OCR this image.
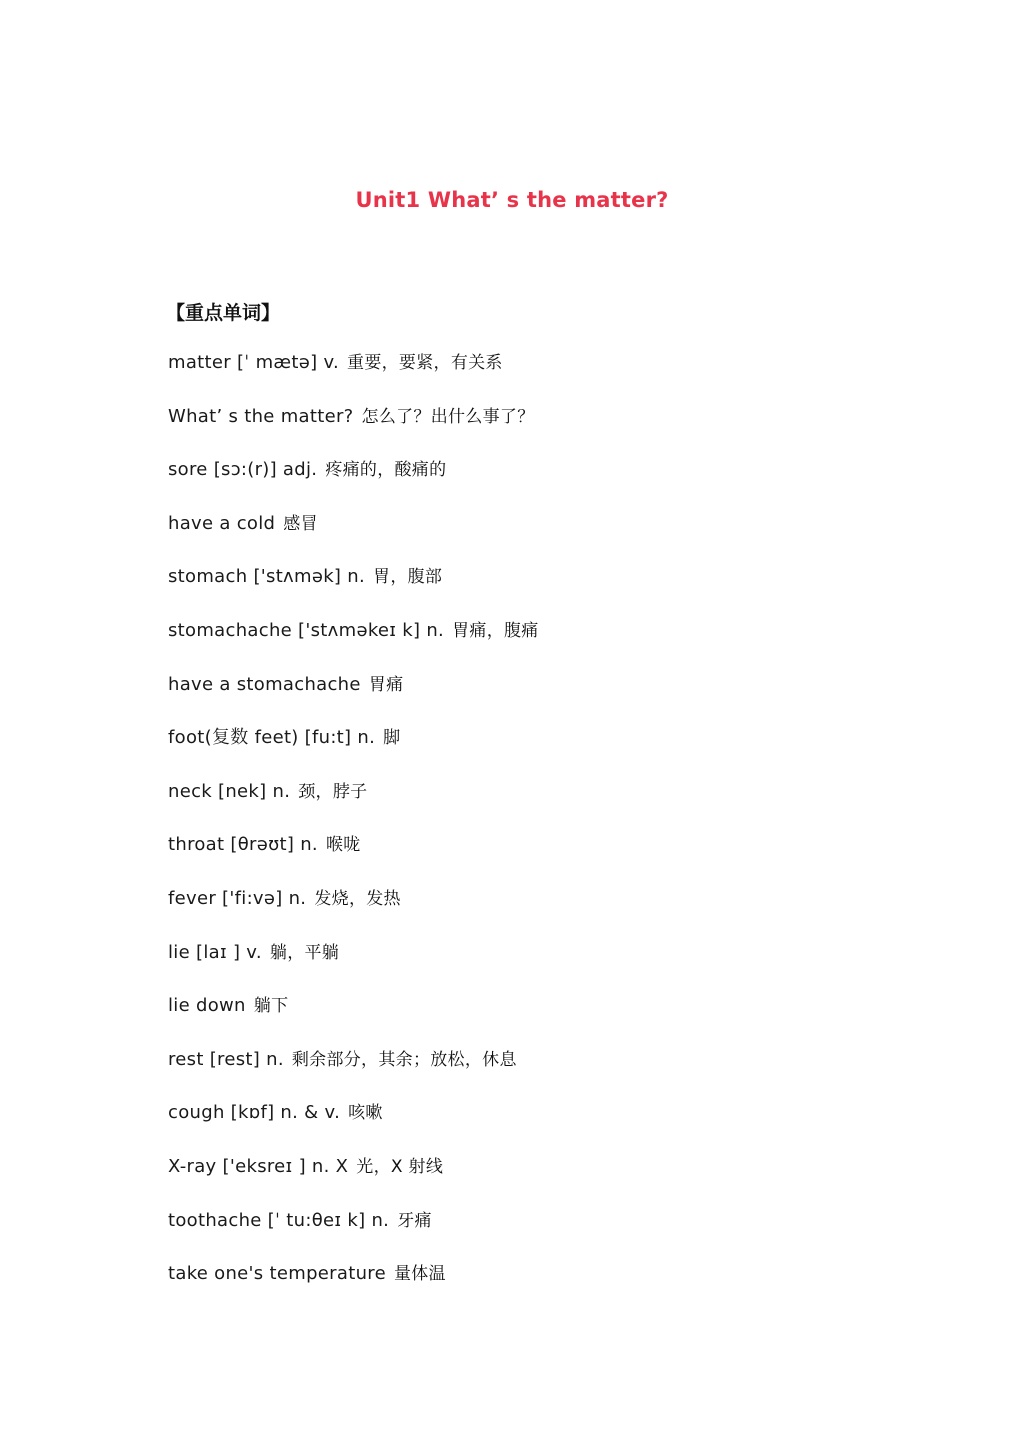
Unit1 What’ s the matter?
【重点单词】
matter [ˈ mætə] v. 重要，要紧，有关系
What’ s the matter? 怎么了？出什么事了？
sore [sɔ:(r)] adj. 疼痛的，酸痛的
have a cold 感冒
stomach ['stʌmək] n. 胃，腹部
stomachache ['stʌməkeɪ k] n. 胃痛，腹痛
have a stomachache 胃痛
foot(复数 feet) [fu:t] n. 脚
neck [nek] n. 颈，脖子
throat [θrəʊt] n. 喉咙
fever ['fi:və] n. 发烧，发热
lie [laɪ ] v. 躺，平躺
lie down 躺下
rest [rest] n. 剩余部分，其余；放松，休息
cough [kɒf] n. & v. 咳嗽
X-ray ['eksreɪ ] n. X 光，X 射线
toothache [ˈ tu:θeɪ k] n. 牙痛
take one's temperature 量体温
